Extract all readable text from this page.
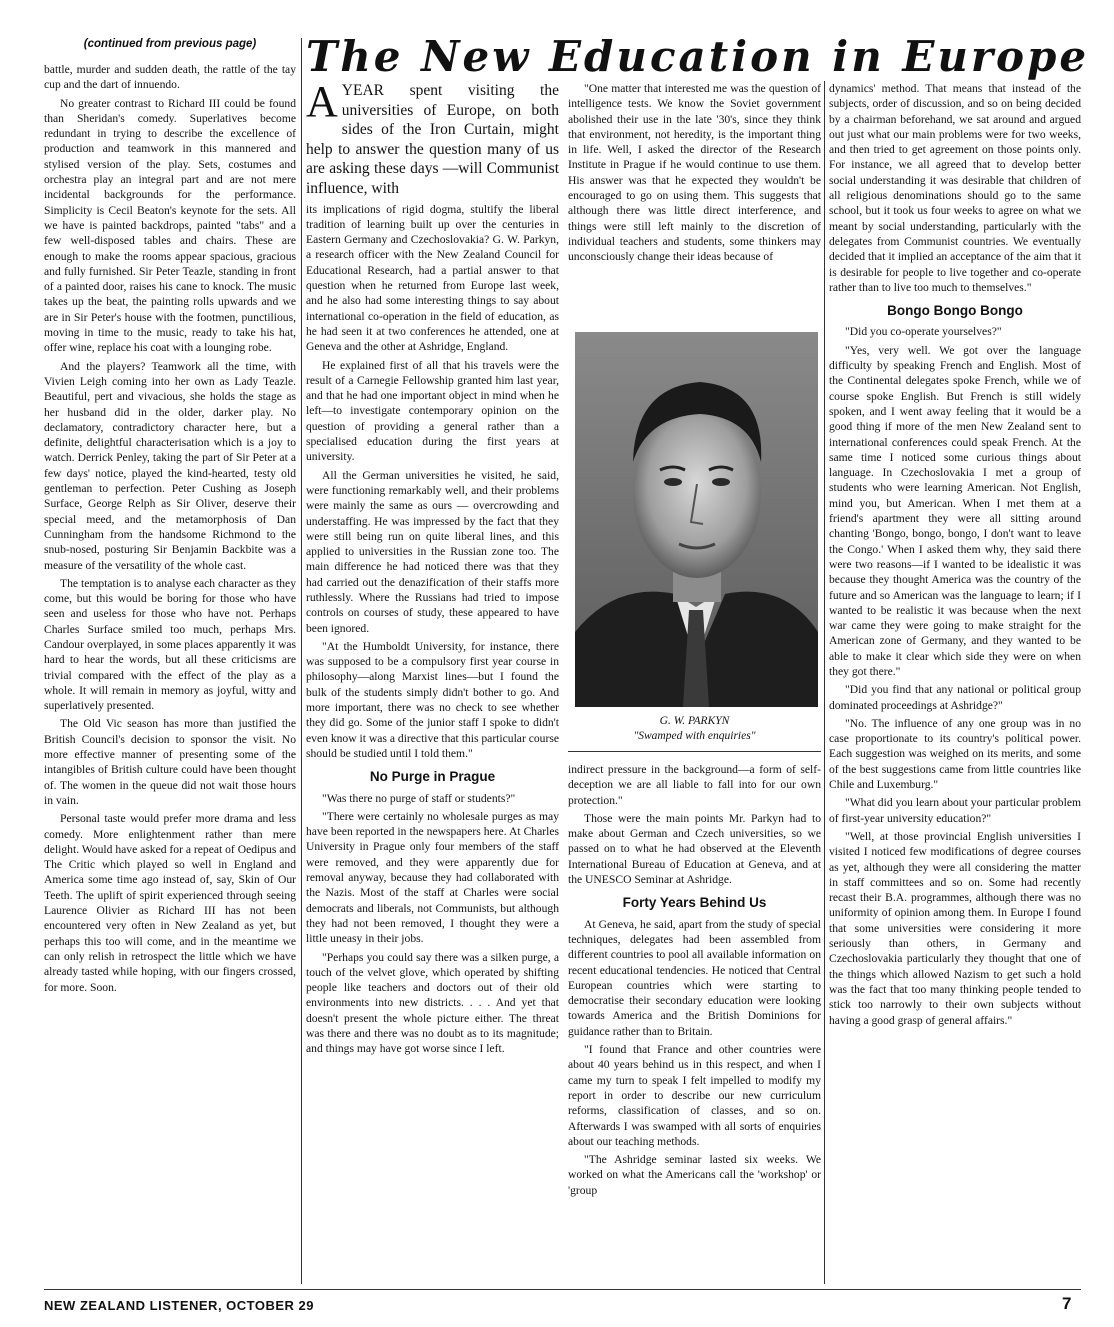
(continued from previous page)	The New Education in Europe

battle, murder and sudden death, the rattle of the tay cup and the dart of innuendo.

No greater contrast to Richard III could be found than Sheridan's comedy. Superlatives become redundant in trying to describe the excellence of production and teamwork in this mannered and stylised version of the play. Sets, costumes and orchestra play an integral part and are not mere incidental backgrounds for the performance. Simplicity is Cecil Beaton's keynote for the sets. All we have is painted backdrops, painted "tabs" and a few well-disposed tables and chairs. These are enough to make the rooms appear spacious, gracious and fully furnished. Sir Peter Teazle, standing in front of a painted door, raises his cane to knock. The music takes up the beat, the painting rolls upwards and we are in Sir Peter's house with the footmen, punctilious, moving in time to the music, ready to take his hat, offer wine, replace his coat with a lounging robe.

And the players? Teamwork all the time, with Vivien Leigh coming into her own as Lady Teazle. Beautiful, pert and vivacious, she holds the stage as her husband did in the older, darker play. No declamatory, contradictory character here, but a definite, delightful characterisation which is a joy to watch. Derrick Penley, taking the part of Sir Peter at a few days' notice, played the kind-hearted, testy old gentleman to perfection. Peter Cushing as Joseph Surface, George Relph as Sir Oliver, deserve their special meed, and the metamorphosis of Dan Cunningham from the handsome Richmond to the snub-nosed, posturing Sir Benjamin Backbite was a measure of the versatility of the whole cast.

The temptation is to analyse each character as they come, but this would be boring for those who have seen and useless for those who have not. Perhaps Charles Surface smiled too much, perhaps Mrs. Candour overplayed, in some places apparently it was hard to hear the words, but all these criticisms are trivial compared with the effect of the play as a whole. It will remain in memory as joyful, witty and superlatively presented.

The Old Vic season has more than justified the British Council's decision to sponsor the visit. No more effective manner of presenting some of the intangibles of British culture could have been thought of. The women in the queue did not wait those hours in vain.

Personal taste would prefer more drama and less comedy. More enlightenment rather than mere delight. Would have asked for a repeat of Oedipus and The Critic which played so well in England and America some time ago instead of, say, Skin of Our Teeth. The uplift of spirit experienced through seeing Laurence Olivier as Richard III has not been encountered very often in New Zealand as yet, but perhaps this too will come, and in the meantime we can only relish in retrospect the little which we have already tasted while hoping, with our fingers crossed, for more. Soon.

AYEAR spent visiting the universities of Europe, on both sides of the Iron Curtain, might help to answer the question many of us are asking these days —will Communist influence, with

its implications of rigid dogma, stultify the liberal tradition of learning built up over the centuries in Eastern Germany and Czechoslovakia? G. W. Parkyn, a research officer with the New Zealand Council for Educational Research, had a partial answer to that question when he returned from Europe last week, and he also had some interesting things to say about international co-operation in the field of education, as he had seen it at two conferences he attended, one at Geneva and the other at Ashridge, England.

He explained first of all that his travels were the result of a Carnegie Fellowship granted him last year, and that he had one important object in mind when he left—to investigate contemporary opinion on the question of providing a general rather than a specialised education during the first years at university.

All the German universities he visited, he said, were functioning remarkably well, and their problems were mainly the same as ours — overcrowding and understaffing. He was impressed by the fact that they were still being run on quite liberal lines, and this applied to universities in the Russian zone too. The main difference he had noticed there was that they had carried out the denazification of their staffs more ruthlessly. Where the Russians had tried to impose controls on courses of study, these appeared to have been ignored.

"At the Humboldt University, for instance, there was supposed to be a compulsory first year course in philosophy—along Marxist lines—but I found the bulk of the students simply didn't bother to go. And more important, there was no check to see whether they did go. Some of the junior staff I spoke to didn't even know it was a directive that this particular course should be studied until I told them."

No Purge in Prague

"Was there no purge of staff or students?"

"There were certainly no wholesale purges as may have been reported in the newspapers here. At Charles University in Prague only four members of the staff were removed, and they were apparently due for removal anyway, because they had collaborated with the Nazis. Most of the staff at Charles were social democrats and liberals, not Communists, but although they had not been removed, I thought they were a little uneasy in their jobs.

"Perhaps you could say there was a silken purge, a touch of the velvet glove, which operated by shifting people like teachers and doctors out of their old environments into new districts. . . . And yet that doesn't present the whole picture either. The threat was there and there was no doubt as to its magnitude; and things may have got worse since I left.

"One matter that interested me was the question of intelligence tests. We know the Soviet government abolished their use in the late '30's, since they think that environment, not heredity, is the important thing in life. Well, I asked the director of the Research Institute in Prague if he would continue to use them. His answer was that he expected they wouldn't be encouraged to go on using them. This suggests that although there was little direct interference, and things were still left mainly to the discretion of individual teachers and students, some thinkers may unconsciously change their ideas because of

G. W. PARKYN
"Swamped with enquiries"

indirect pressure in the background—a form of self-deception we are all liable to fall into for our own protection."

Those were the main points Mr. Parkyn had to make about German and Czech universities, so we passed on to what he had observed at the Eleventh International Bureau of Education at Geneva, and at the UNESCO Seminar at Ashridge.

Forty Years Behind Us

At Geneva, he said, apart from the study of special techniques, delegates had been assembled from different countries to pool all available information on recent educational tendencies. He noticed that Central European countries which were starting to democratise their secondary education were looking towards America and the British Dominions for guidance rather than to Britain.

"I found that France and other countries were about 40 years behind us in this respect, and when I came my turn to speak I felt impelled to modify my report in order to describe our new curriculum reforms, classification of classes, and so on. Afterwards I was swamped with all sorts of enquiries about our teaching methods.

"The Ashridge seminar lasted six weeks. We worked on what the Americans call the 'workshop' or 'group

dynamics' method. That means that instead of the subjects, order of discussion, and so on being decided by a chairman beforehand, we sat around and argued out just what our main problems were for two weeks, and then tried to get agreement on those points only. For instance, we all agreed that to develop better social understanding it was desirable that children of all religious denominations should go to the same school, but it took us four weeks to agree on what we meant by social understanding, particularly with the delegates from Communist countries. We eventually decided that it implied an acceptance of the aim that it is desirable for people to live together and co-operate rather than to live too much to themselves."

Bongo Bongo Bongo

"Did you co-operate yourselves?"

"Yes, very well. We got over the language difficulty by speaking French and English. Most of the Continental delegates spoke French, while we of course spoke English. But French is still widely spoken, and I went away feeling that it would be a good thing if more of the men New Zealand sent to international conferences could speak French. At the same time I noticed some curious things about language. In Czechoslovakia I met a group of students who were learning American. Not English, mind you, but American. When I met them at a friend's apartment they were all sitting around chanting 'Bongo, bongo, bongo, I don't want to leave the Congo.' When I asked them why, they said there were two reasons—if I wanted to be idealistic it was because they thought America was the country of the future and so American was the language to learn; if I wanted to be realistic it was because when the next war came they were going to make straight for the American zone of Germany, and they wanted to be able to make it clear which side they were on when they got there."

"Did you find that any national or political group dominated proceedings at Ashridge?"

"No. The influence of any one group was in no case proportionate to its country's political power. Each suggestion was weighed on its merits, and some of the best suggestions came from little countries like Chile and Luxemburg."

"What did you learn about your particular problem of first-year university education?"

"Well, at those provincial English universities I visited I noticed few modifications of degree courses as yet, although they were all considering the matter in staff committees and so on. Some had recently recast their B.A. programmes, although there was no uniformity of opinion among them. In Europe I found that some universities were considering it more seriously than others, in Germany and Czechoslovakia particularly they thought that one of the things which allowed Nazism to get such a hold was the fact that too many thinking people tended to stick too narrowly to their own subjects without having a good grasp of general affairs."

NEW ZEALAND LISTENER, OCTOBER 29	7
